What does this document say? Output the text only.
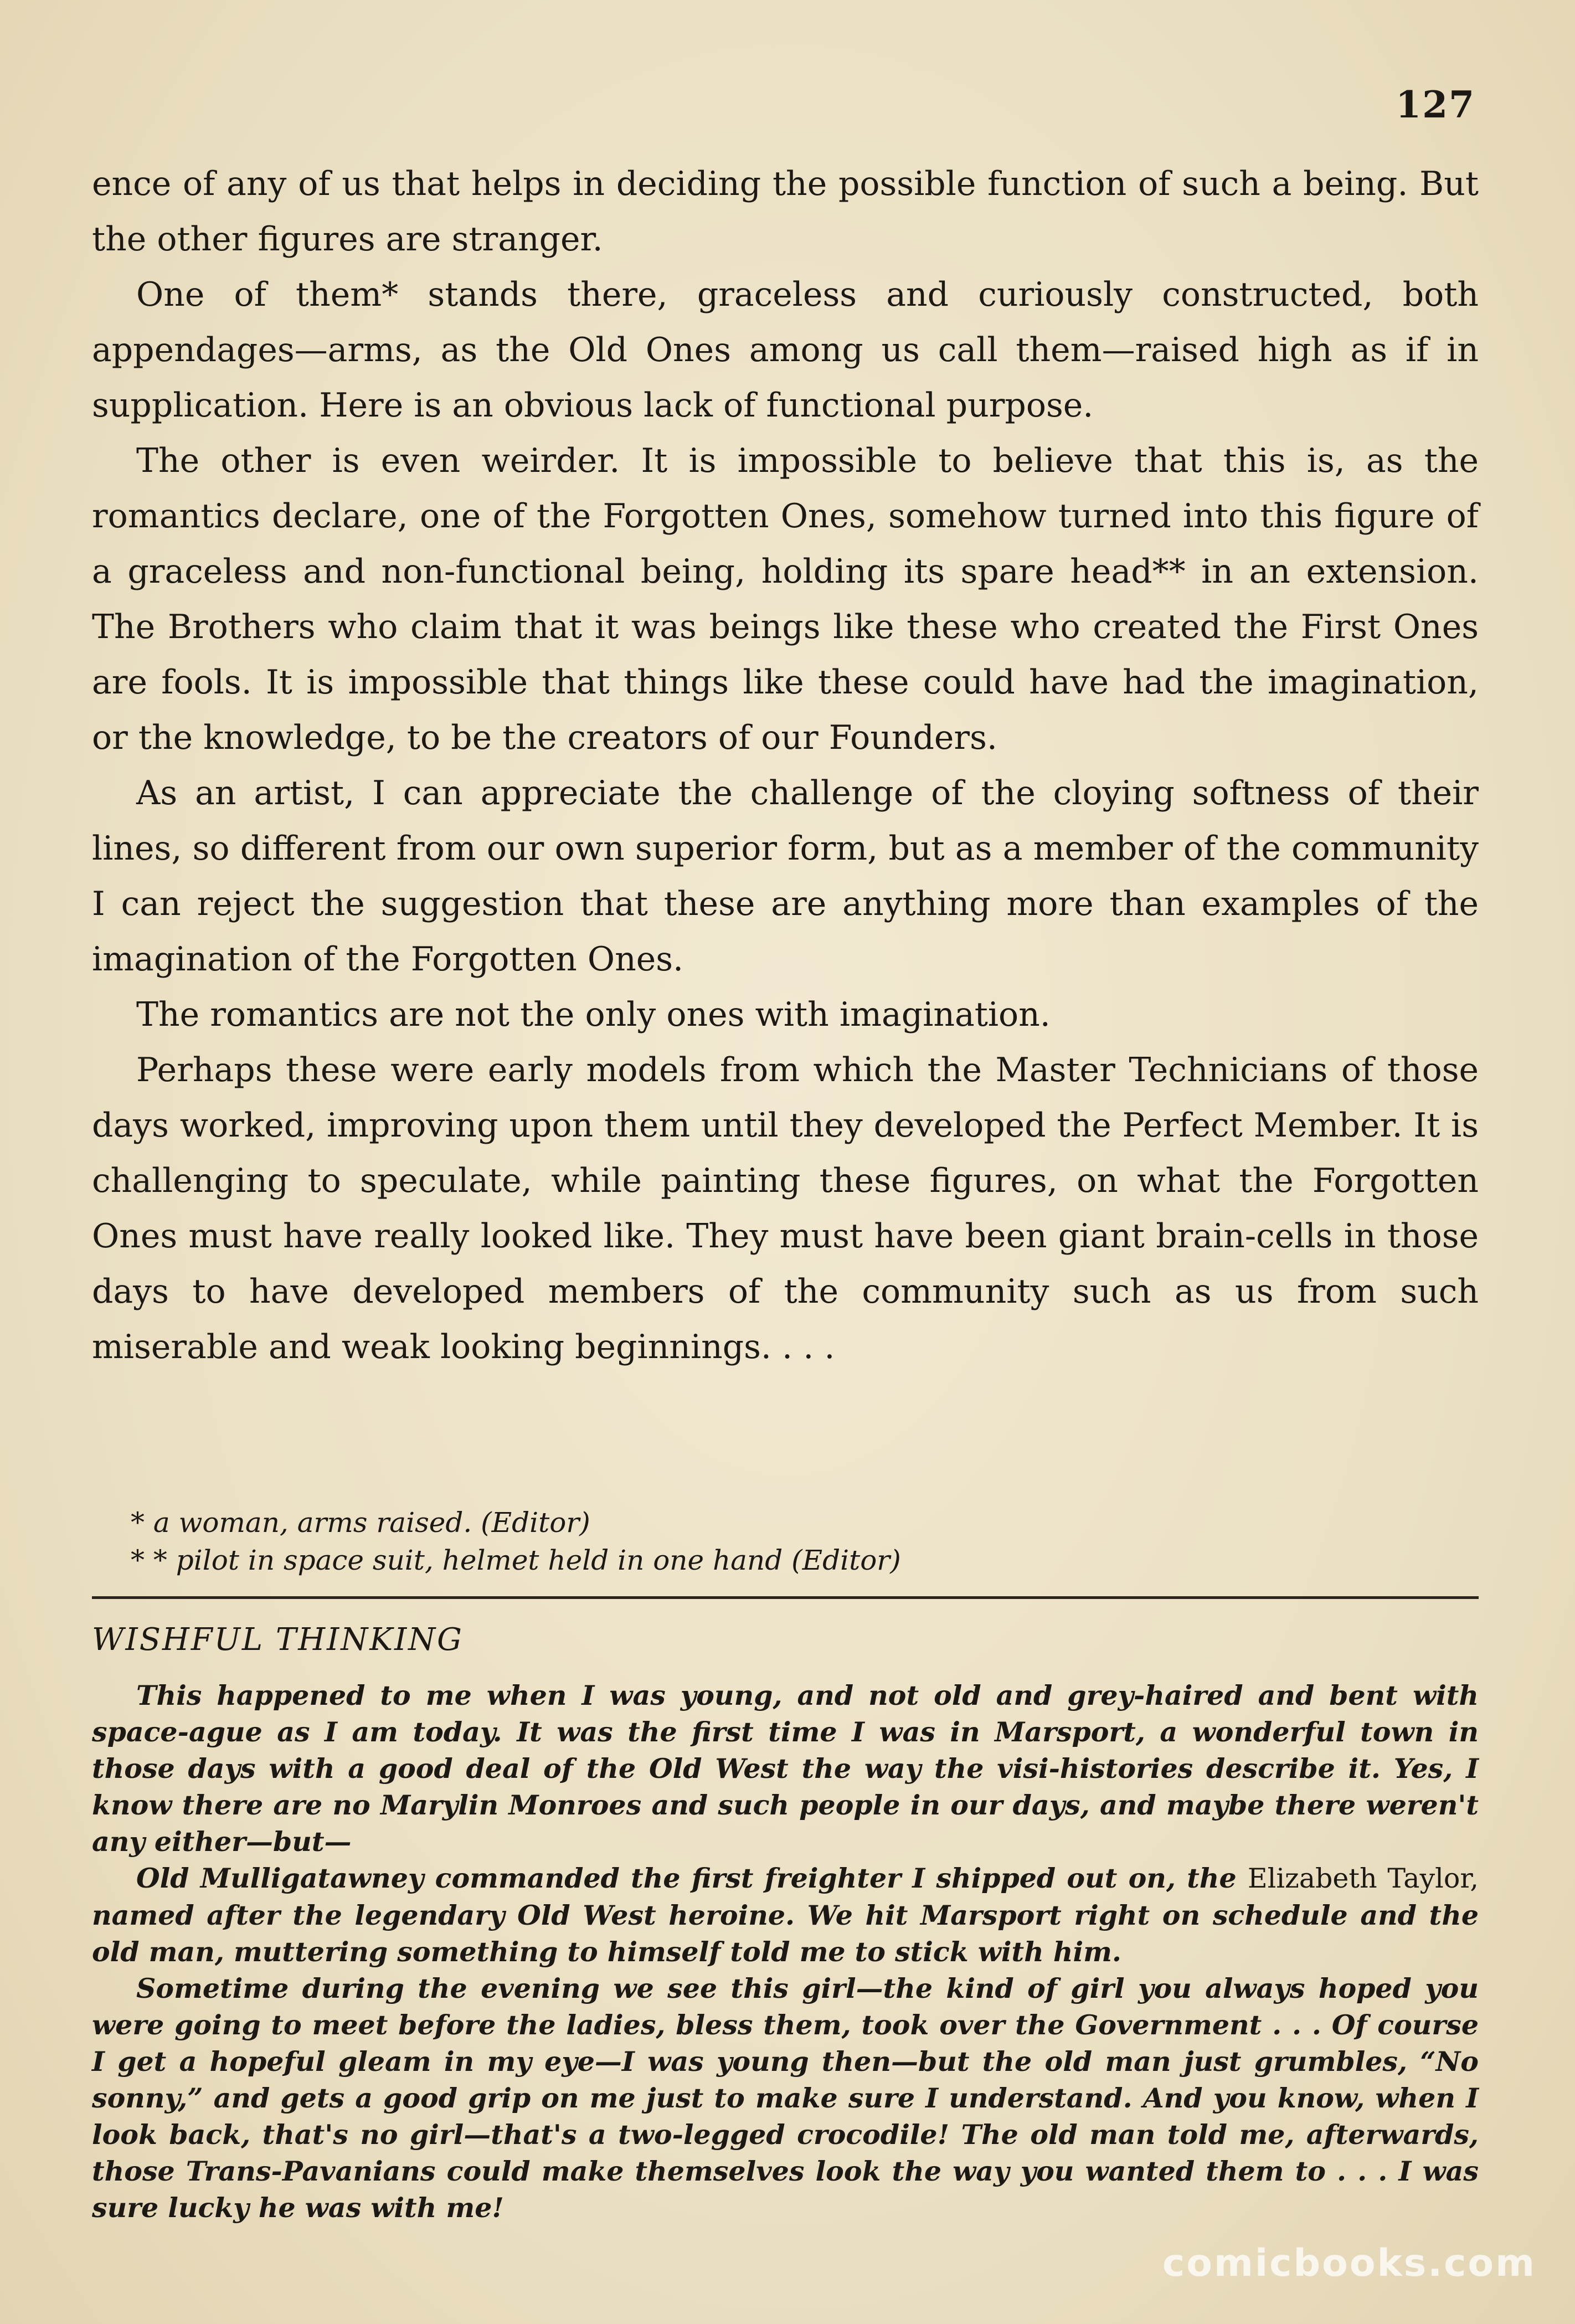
127

ence of any of us that helps in deciding the possible function of such a being. But the other figures are stranger.

One of them* stands there, graceless and curiously constructed, both appendages—arms, as the Old Ones among us call them—raised high as if in supplication. Here is an obvious lack of functional purpose.

The other is even weirder. It is impossible to believe that this is, as the romantics declare, one of the Forgotten Ones, somehow turned into this figure of a graceless and non-functional being, holding its spare head** in an extension. The Brothers who claim that it was beings like these who created the First Ones are fools. It is impossible that things like these could have had the imagination, or the knowledge, to be the creators of our Founders.

As an artist, I can appreciate the challenge of the cloying softness of their lines, so different from our own superior form, but as a member of the community I can reject the suggestion that these are anything more than examples of the imagination of the Forgotten Ones.

The romantics are not the only ones with imagination.

Perhaps these were early models from which the Master Technicians of those days worked, improving upon them until they developed the Perfect Member. It is challenging to speculate, while painting these figures, on what the Forgotten Ones must have really looked like. They must have been giant brain-cells in those days to have developed members of the community such as us from such miserable and weak looking beginnings. . . .

* a woman, arms raised. (Editor)
* * pilot in space suit, helmet held in one hand (Editor)
WISHFUL THINKING

This happened to me when I was young, and not old and grey-haired and bent with space-ague as I am today. It was the first time I was in Marsport, a wonderful town in those days with a good deal of the Old West the way the visi-histories describe it. Yes, I know there are no Marylin Monroes and such people in our days, and maybe there weren't any either—but—

Old Mulligatawney commanded the first freighter I shipped out on, the Elizabeth Taylor, named after the legendary Old West heroine. We hit Marsport right on schedule and the old man, muttering something to himself told me to stick with him.

Sometime during the evening we see this girl—the kind of girl you always hoped you were going to meet before the ladies, bless them, took over the Government . . . Of course I get a hopeful gleam in my eye—I was young then—but the old man just grumbles, “No sonny,” and gets a good grip on me just to make sure I understand. And you know, when I look back, that's no girl—that's a two-legged crocodile! The old man told me, afterwards, those Trans-Pavanians could make themselves look the way you wanted them to . . . I was sure lucky he was with me!

comicbooks.com
